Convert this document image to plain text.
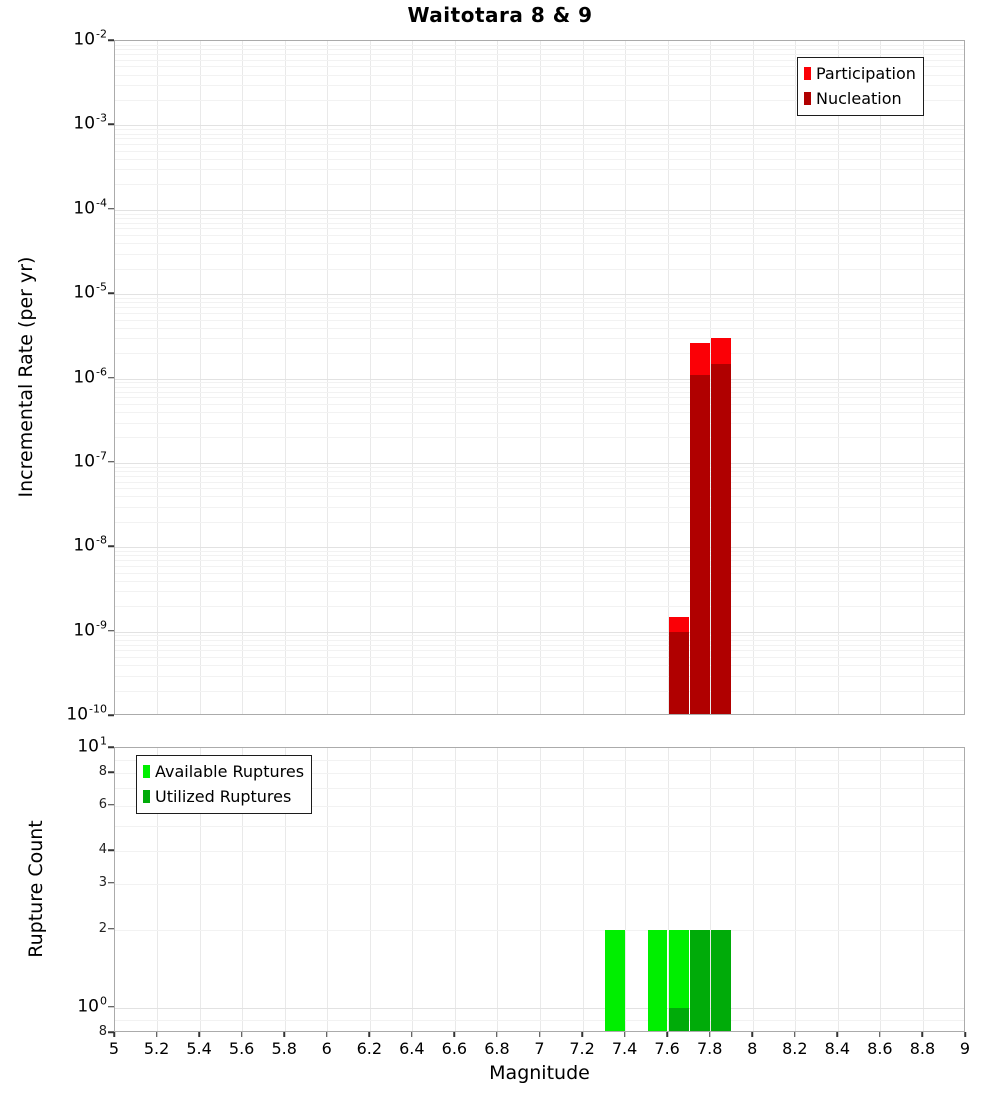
Waitotara 8 & 9
Incremental Rate (per yr)
Rupture Count
Magnitude
Participation
Nucleation
Available Ruptures
Utilized Ruptures
$10^{-2}$
$10^{-3}$
$10^{-4}$
$10^{-5}$
$10^{-6}$
$10^{-7}$
$10^{-8}$
$10^{-9}$
$10^{-10}$
$10^1$
8
6
4
3
2
$10^0$
8
5 5.2 5.4 5.6 5.8 6 6.2 6.4 6.6 6.8 7 7.2 7.4 7.6 7.8 8 8.2 8.4 8.6 8.8 9
